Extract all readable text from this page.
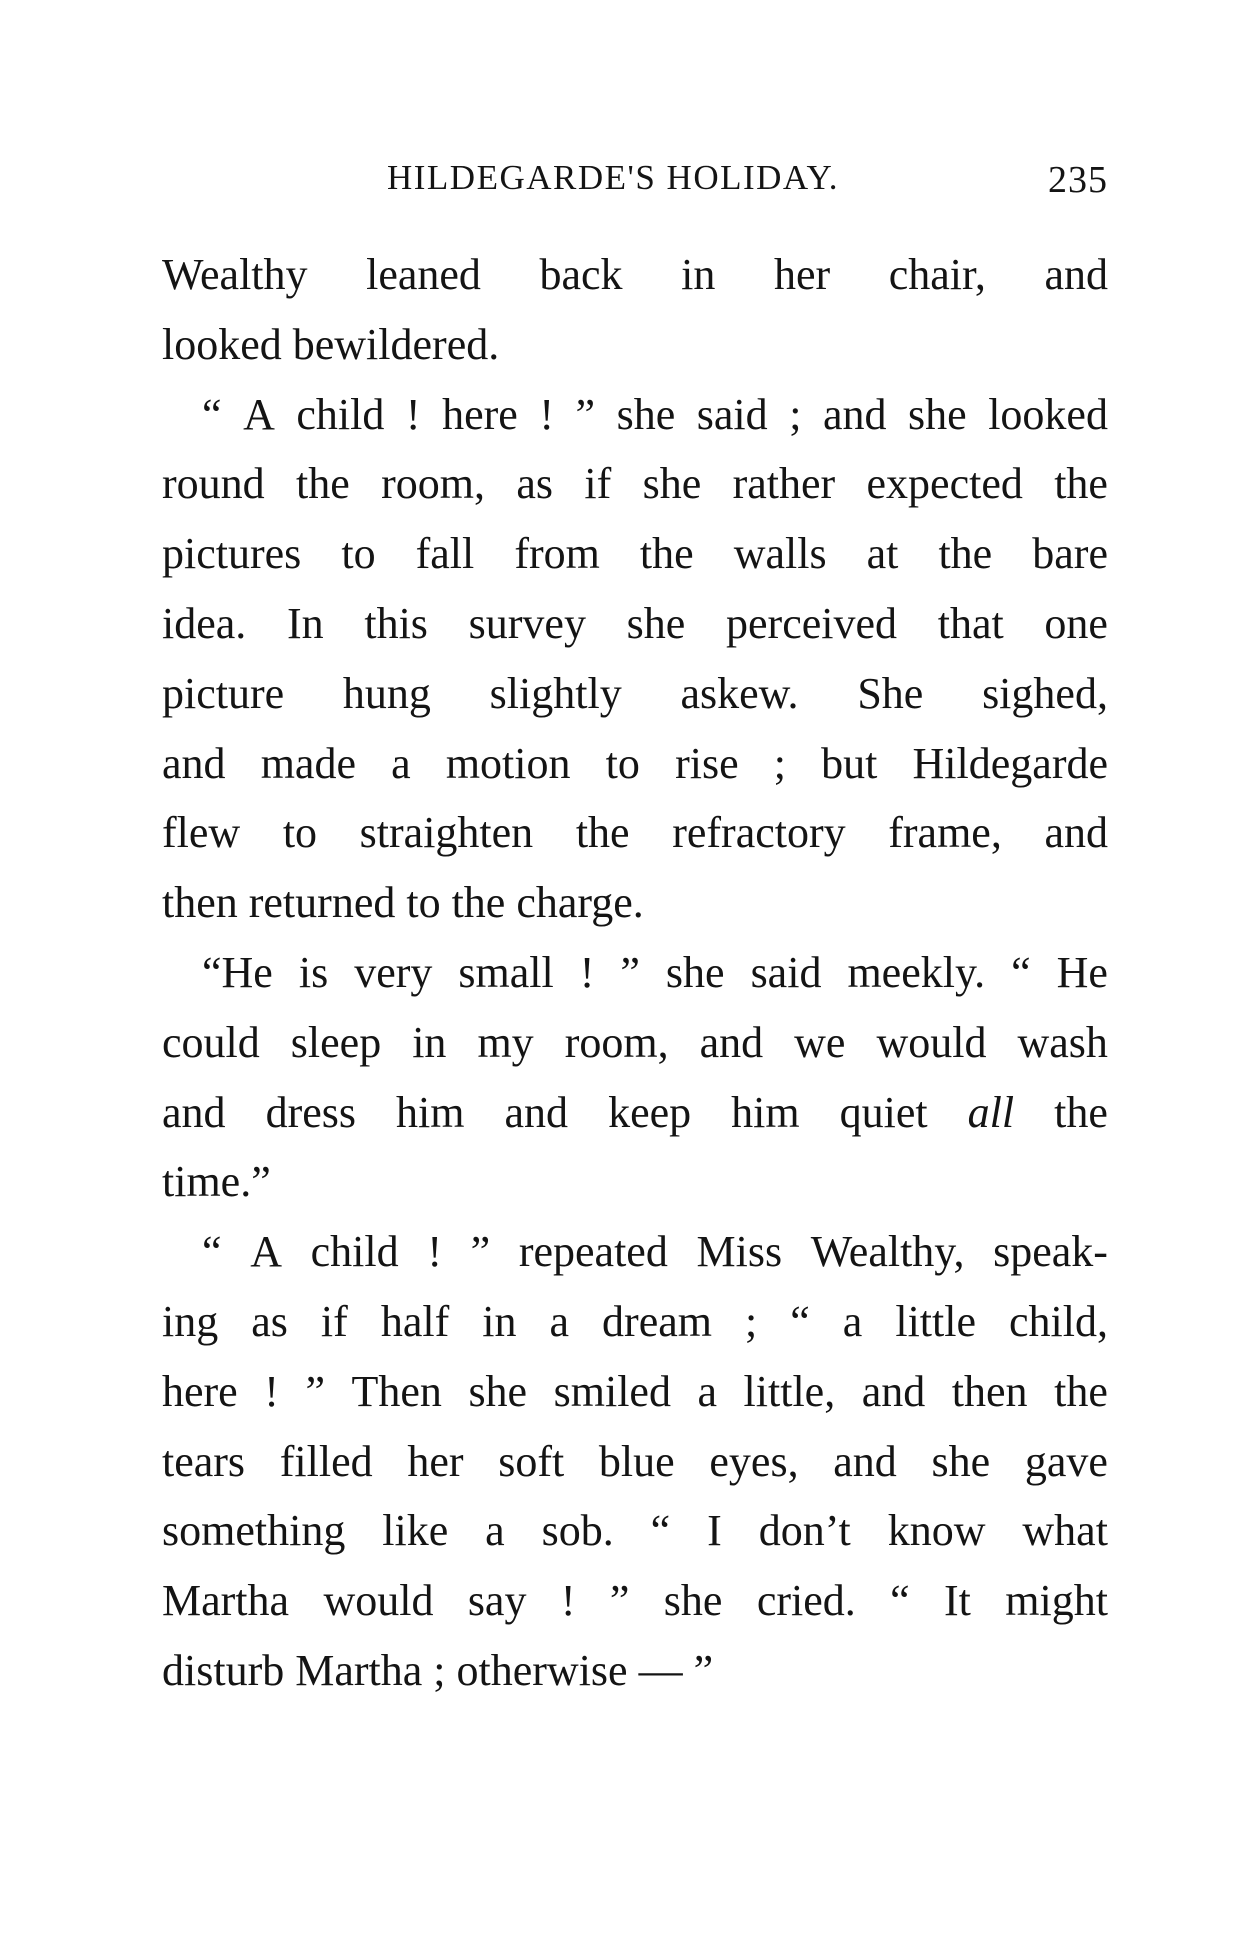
HILDEGARDE'S HOLIDAY.	235
Wealthy leaned back in her chair, and
looked bewildered.
“ A child ! here ! ” she said ; and she looked
round the room, as if she rather expected the
pictures to fall from the walls at the bare
idea. In this survey she perceived that one
picture hung slightly askew. She sighed,
and made a motion to rise ; but Hildegarde
flew to straighten the refractory frame, and
then returned to the charge.
“He is very small ! ” she said meekly. “ He
could sleep in my room, and we would wash
and dress him and keep him quiet all the
time.”
“ A child ! ” repeated Miss Wealthy, speak-
ing as if half in a dream ; “ a little child,
here ! ” Then she smiled a little, and then the
tears filled her soft blue eyes, and she gave
something like a sob. “ I don’t know what
Martha would say ! ” she cried. “ It might
disturb Martha ; otherwise — ”
